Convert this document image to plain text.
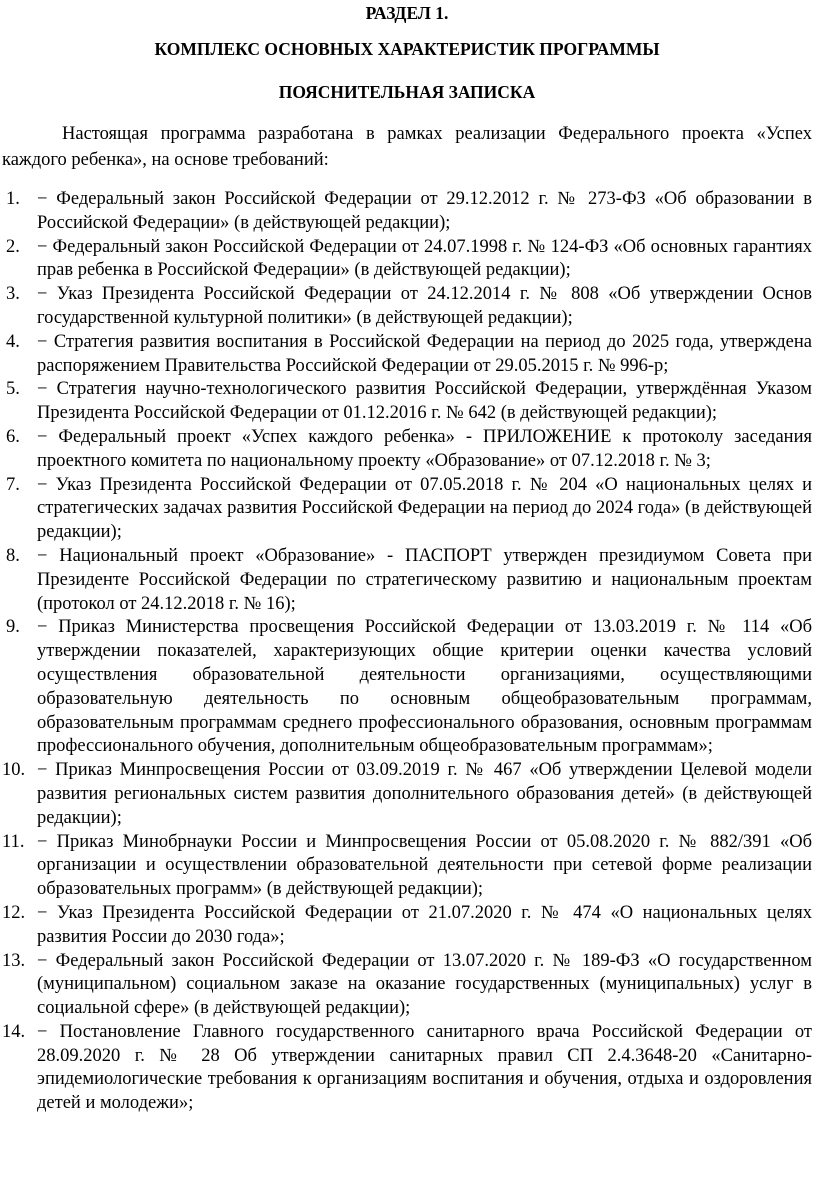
РАЗДЕЛ 1.
КОМПЛЕКС ОСНОВНЫХ ХАРАКТЕРИСТИК ПРОГРАММЫ
ПОЯСНИТЕЛЬНАЯ ЗАПИСКА

Настоящая программа разработана в рамках реализации Федерального проекта «Успех каждого ребенка», на основе требований:

1. − Федеральный закон Российской Федерации от 29.12.2012 г. № 273-ФЗ «Об образовании в Российской Федерации» (в действующей редакции);
2. − Федеральный закон Российской Федерации от 24.07.1998 г. № 124-ФЗ «Об основных гарантиях прав ребенка в Российской Федерации» (в действующей редакции);
3. − Указ Президента Российской Федерации от 24.12.2014 г. № 808 «Об утверждении Основ государственной культурной политики» (в действующей редакции);
4. − Стратегия развития воспитания в Российской Федерации на период до 2025 года, утверждена распоряжением Правительства Российской Федерации от 29.05.2015 г. № 996-р;
5. − Стратегия научно-технологического развития Российской Федерации, утверждённая Указом Президента Российской Федерации от 01.12.2016 г. № 642 (в действующей редакции);
6. − Федеральный проект «Успех каждого ребенка» - ПРИЛОЖЕНИЕ к протоколу заседания проектного комитета по национальному проекту «Образование» от 07.12.2018 г. № 3;
7. − Указ Президента Российской Федерации от 07.05.2018 г. № 204 «О национальных целях и стратегических задачах развития Российской Федерации на период до 2024 года» (в действующей редакции);
8. − Национальный проект «Образование» - ПАСПОРТ утвержден президиумом Совета при Президенте Российской Федерации по стратегическому развитию и национальным проектам (протокол от 24.12.2018 г. № 16);
9. − Приказ Министерства просвещения Российской Федерации от 13.03.2019 г. № 114 «Об утверждении показателей, характеризующих общие критерии оценки качества условий осуществления образовательной деятельности организациями, осуществляющими образовательную деятельность по основным общеобразовательным программам, образовательным программам среднего профессионального образования, основным программам профессионального обучения, дополнительным общеобразовательным программам»;
10. − Приказ Минпросвещения России от 03.09.2019 г. № 467 «Об утверждении Целевой модели развития региональных систем развития дополнительного образования детей» (в действующей редакции);
11. − Приказ Минобрнауки России и Минпросвещения России от 05.08.2020 г. № 882/391 «Об организации и осуществлении образовательной деятельности при сетевой форме реализации образовательных программ» (в действующей редакции);
12. − Указ Президента Российской Федерации от 21.07.2020 г. № 474 «О национальных целях развития России до 2030 года»;
13. − Федеральный закон Российской Федерации от 13.07.2020 г. № 189-ФЗ «О государственном (муниципальном) социальном заказе на оказание государственных (муниципальных) услуг в социальной сфере» (в действующей редакции);
14. − Постановление Главного государственного санитарного врача Российской Федерации от 28.09.2020 г. № 28 Об утверждении санитарных правил СП 2.4.3648-20 «Санитарно-эпидемиологические требования к организациям воспитания и обучения, отдыха и оздоровления детей и молодежи»;
